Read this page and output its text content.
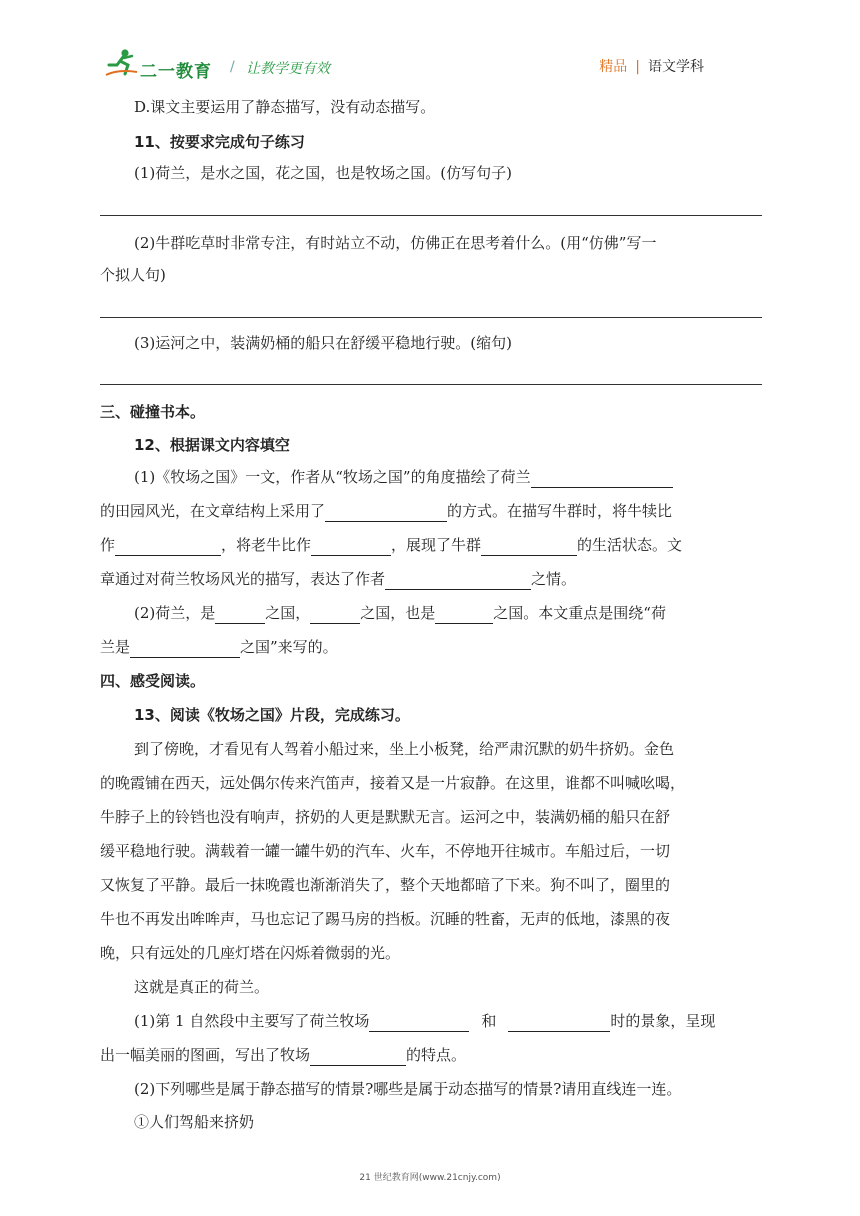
二一教育 / 让教学更有效	精品 | 语文学科
D.课文主要运用了静态描写，没有动态描写。
11、按要求完成句子练习
(1)荷兰，是水之国，花之国，也是牧场之国。(仿写句子)
(2)牛群吃草时非常专注，有时站立不动，仿佛正在思考着什么。(用“仿佛”写一
个拟人句)
(3)运河之中，装满奶桶的船只在舒缓平稳地行驶。(缩句)
三、碰撞书本。
12、根据课文内容填空
(1)《牧场之国》一文，作者从“牧场之国”的角度描绘了荷兰
的田园风光，在文章结构上采用了	的方式。在描写牛群时，将牛犊比
作	，将老牛比作	，展现了牛群	的生活状态。文
章通过对荷兰牧场风光的描写，表达了作者	之情。
(2)荷兰，是	之国，	之国，也是	之国。本文重点是围绕“荷
兰是	之国”来写的。
四、感受阅读。
13、阅读《牧场之国》片段，完成练习。
到了傍晚，才看见有人驾着小船过来，坐上小板凳，给严肃沉默的奶牛挤奶。金色
的晚霞铺在西天，远处偶尔传来汽笛声，接着又是一片寂静。在这里，谁都不叫喊吆喝，
牛脖子上的铃铛也没有响声，挤奶的人更是默默无言。运河之中，装满奶桶的船只在舒
缓平稳地行驶。满载着一罐一罐牛奶的汽车、火车，不停地开往城市。车船过后，一切
又恢复了平静。最后一抹晚霞也渐渐消失了，整个天地都暗了下来。狗不叫了，圈里的
牛也不再发出哞哞声，马也忘记了踢马房的挡板。沉睡的牲畜，无声的低地，漆黑的夜
晚，只有远处的几座灯塔在闪烁着微弱的光。
这就是真正的荷兰。
(1)第 1 自然段中主要写了荷兰牧场	和	时的景象，呈现
出一幅美丽的图画，写出了牧场	的特点。
(2)下列哪些是属于静态描写的情景?哪些是属于动态描写的情景?请用直线连一连。
①人们驾船来挤奶
21 世纪教育网(www.21cnjy.com)
